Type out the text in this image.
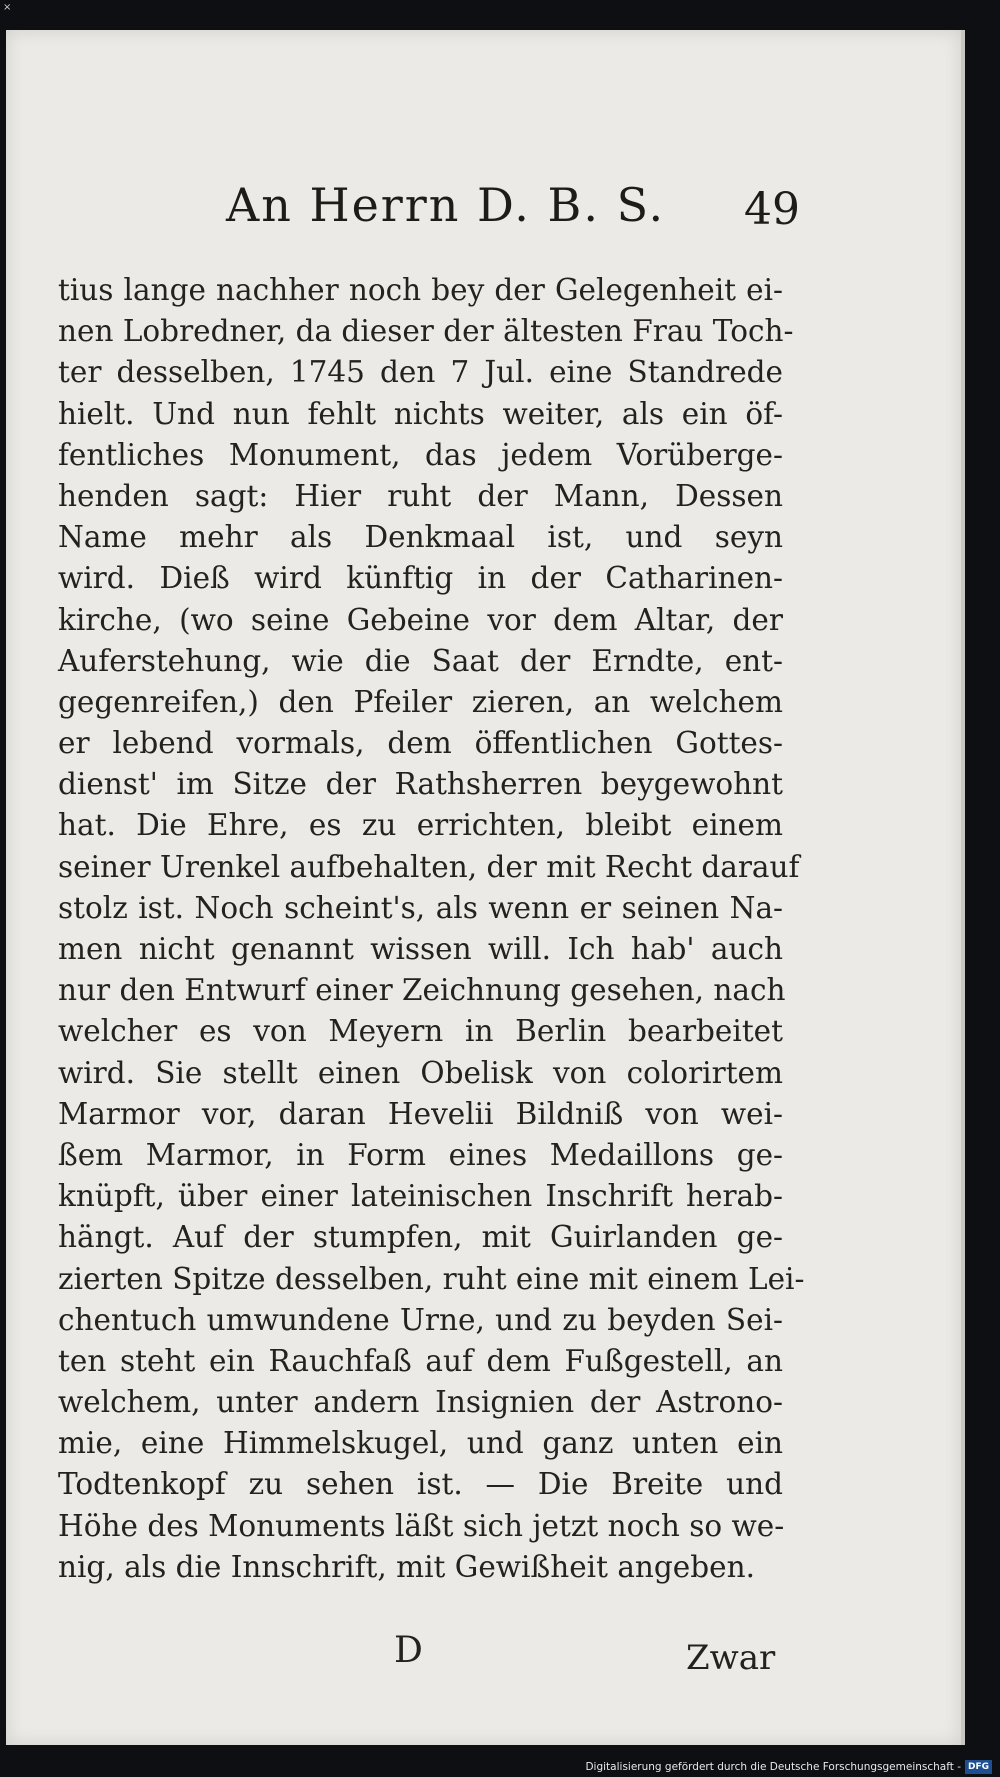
×
An Herrn D. B. S. 49
tius lange nachher noch bey der Gelegenheit ei-
nen Lobredner, da dieser der ältesten Frau Toch-
ter desselben, 1745 den 7 Jul. eine Standrede
hielt. Und nun fehlt nichts weiter, als ein öf-
fentliches Monument, das jedem Vorüberge-
henden sagt: Hier ruht der Mann, Dessen
Name mehr als Denkmaal ist, und seyn
wird. Dieß wird künftig in der Catharinen-
kirche, (wo seine Gebeine vor dem Altar, der
Auferstehung, wie die Saat der Erndte, ent-
gegenreifen,) den Pfeiler zieren, an welchem
er lebend vormals, dem öffentlichen Gottes-
dienst' im Sitze der Rathsherren beygewohnt
hat. Die Ehre, es zu errichten, bleibt einem
seiner Urenkel aufbehalten, der mit Recht darauf
stolz ist. Noch scheint's, als wenn er seinen Na-
men nicht genannt wissen will. Ich hab' auch
nur den Entwurf einer Zeichnung gesehen, nach
welcher es von Meyern in Berlin bearbeitet
wird. Sie stellt einen Obelisk von colorirtem
Marmor vor, daran Hevelii Bildniß von wei-
ßem Marmor, in Form eines Medaillons ge-
knüpft, über einer lateinischen Inschrift herab-
hängt. Auf der stumpfen, mit Guirlanden ge-
zierten Spitze desselben, ruht eine mit einem Lei-
chentuch umwundene Urne, und zu beyden Sei-
ten steht ein Rauchfaß auf dem Fußgestell, an
welchem, unter andern Insignien der Astrono-
mie, eine Himmelskugel, und ganz unten ein
Todtenkopf zu sehen ist. — Die Breite und
Höhe des Monuments läßt sich jetzt noch so we-
nig, als die Innschrift, mit Gewißheit angeben.
D	Zwar
Digitalisierung gefördert durch die Deutsche Forschungsgemeinschaft - DFG
